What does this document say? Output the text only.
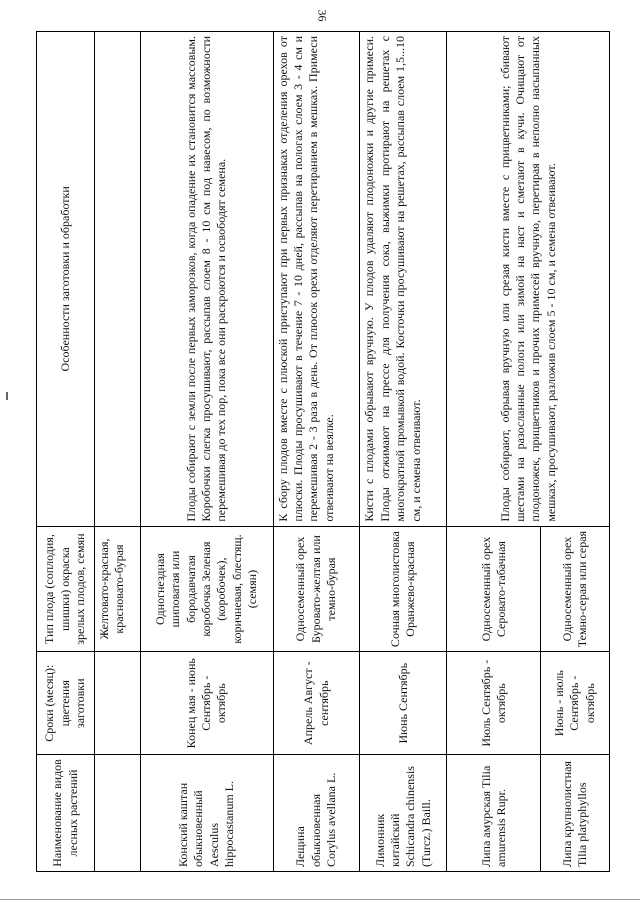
36
Наименование видов лесных растений	Сроки (месяц): цветения заготовки	Тип плода (соплодия, шишки) окраска зрелых плодов, семян	Особенности заготовки и обработки
		Желтовато-красная, красновато-бурая	
Конский каштан обыкновенный Aesculus hippocastanum L.	Конец мая - июнь Сентябрь - октябрь	Одногнездная шиповатая или бородавчатая коробочка Зеленая (коробочек), коричневая, блестящ. (семян)	Плоды собирают с земли после первых заморозков, когда опадение их становится массовым. Коробочки слегка просушивают, рассыпав слоем 8 - 10 см под навесом, по возможности перемешивая до тех пор, пока все они раскроются и освободят семена.
Лещина обыкновенная Corylus avellana L.	Апрель Август - сентябрь	Односеменный орех Буровато-желтая или темно-бурая	К сбору плодов вместе с плюской приступают при первых признаках отделения орехов от плюски. Плоды просушивают в течение 7 - 10 дней, рассыпав на пологах слоем 3 - 4 см и перемешивая 2 - 3 раза в день. От плюсок орехи отделяют перетиранием в мешках. Примеси отвеивают на веялке.
Лимонник китайский Schicandra chinensis (Turcz.) Baill.	Июнь Сентябрь	Сочная многолистовка Оранжево-красная	Кисти с плодами обрывают вручную. У плодов удаляют плодоножки и другие примеси. Плоды отжимают на прессе для получения сока, выжимки протирают на решетах с многократной промывкой водой. Косточки просушивают на решетах, рассыпав слоем 1,5...10 см, и семена отвеивают.
Липа амурская Tilia amurensis Rupr.	Июль Сентябрь - октябрь	Односеменный орех Серовато-табачная	Плоды собирают, обрывая вручную или срезая кисти вместе с прицветниками; сбивают шестами на разосланные пологи или зимой на наст и сметают в кучи. Очищают от плодоножек, прицветников и прочих примесей вручную, перетирая в неполно насыпанных мешках, просушивают, разложив слоем 5 - 10 см, и семена отвеивают.
Липа крупнолистная Tilia platyphyllos	Июнь - июль Сентябрь - октябрь	Односеменный орех Темно-серая или серая	
